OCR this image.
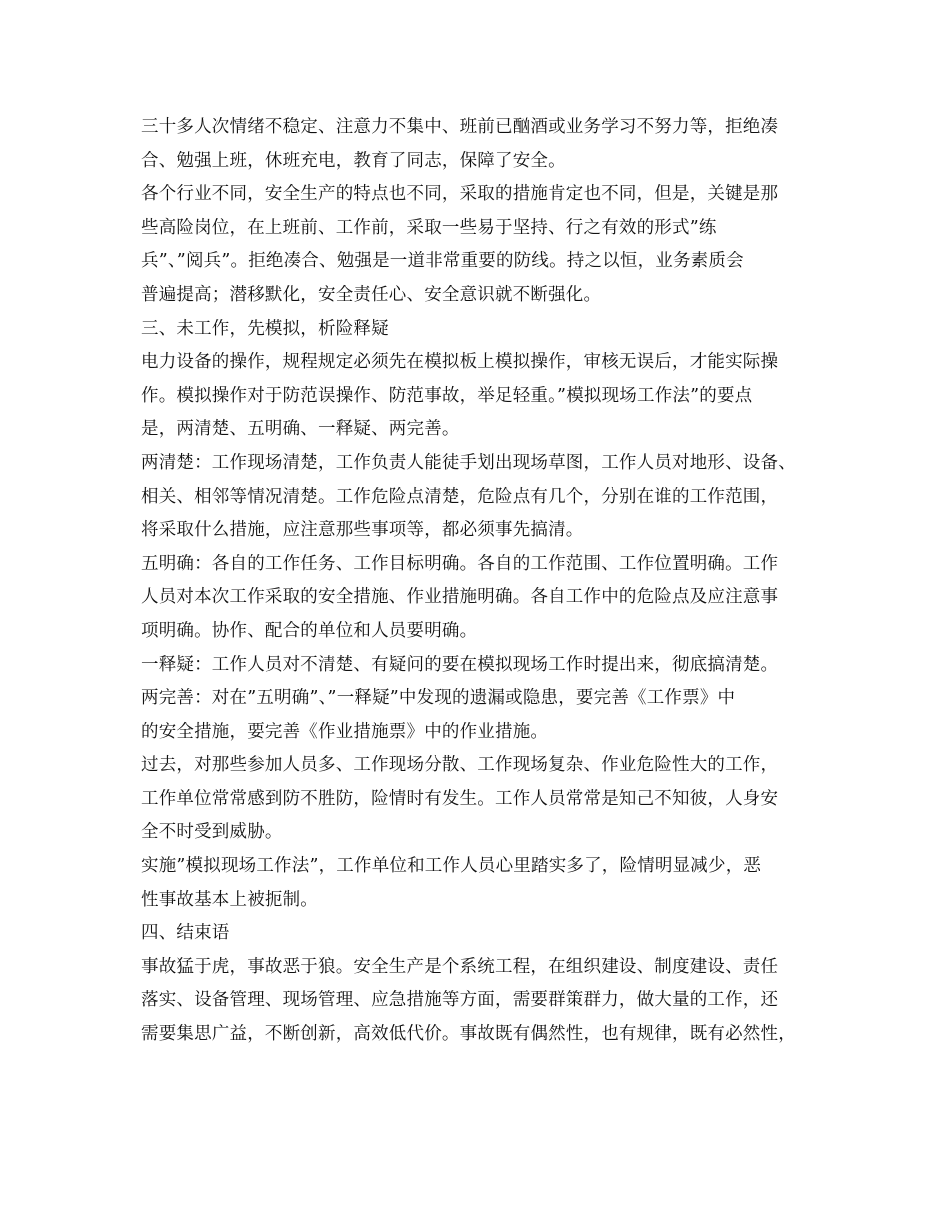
三十多人次情绪不稳定、注意力不集中、班前已酗酒或业务学习不努力等，拒绝凑
合、勉强上班，休班充电，教育了同志，保障了安全。
各个行业不同，安全生产的特点也不同，采取的措施肯定也不同，但是，关键是那
些高险岗位，在上班前、工作前，采取一些易于坚持、行之有效的形式”练
兵”、”阅兵”。拒绝凑合、勉强是一道非常重要的防线。持之以恒，业务素质会
普遍提高；潜移默化，安全责任心、安全意识就不断强化。
三、未工作，先模拟，析险释疑
电力设备的操作，规程规定必须先在模拟板上模拟操作，审核无误后，才能实际操
作。模拟操作对于防范误操作、防范事故，举足轻重。”模拟现场工作法”的要点
是，两清楚、五明确、一释疑、两完善。
两清楚：工作现场清楚，工作负责人能徒手划出现场草图，工作人员对地形、设备、
相关、相邻等情况清楚。工作危险点清楚，危险点有几个，分别在谁的工作范围，
将采取什么措施，应注意那些事项等，都必须事先搞清。
五明确：各自的工作任务、工作目标明确。各自的工作范围、工作位置明确。工作
人员对本次工作采取的安全措施、作业措施明确。各自工作中的危险点及应注意事
项明确。协作、配合的单位和人员要明确。
一释疑：工作人员对不清楚、有疑问的要在模拟现场工作时提出来，彻底搞清楚。
两完善：对在”五明确”、”一释疑”中发现的遗漏或隐患，要完善《工作票》中
的安全措施，要完善《作业措施票》中的作业措施。
过去，对那些参加人员多、工作现场分散、工作现场复杂、作业危险性大的工作，
工作单位常常感到防不胜防，险情时有发生。工作人员常常是知己不知彼，人身安
全不时受到威胁。
实施”模拟现场工作法”，工作单位和工作人员心里踏实多了，险情明显减少，恶
性事故基本上被扼制。
四、结束语
事故猛于虎，事故恶于狼。安全生产是个系统工程，在组织建设、制度建设、责任
落实、设备管理、现场管理、应急措施等方面，需要群策群力，做大量的工作，还
需要集思广益，不断创新，高效低代价。事故既有偶然性，也有规律，既有必然性，
